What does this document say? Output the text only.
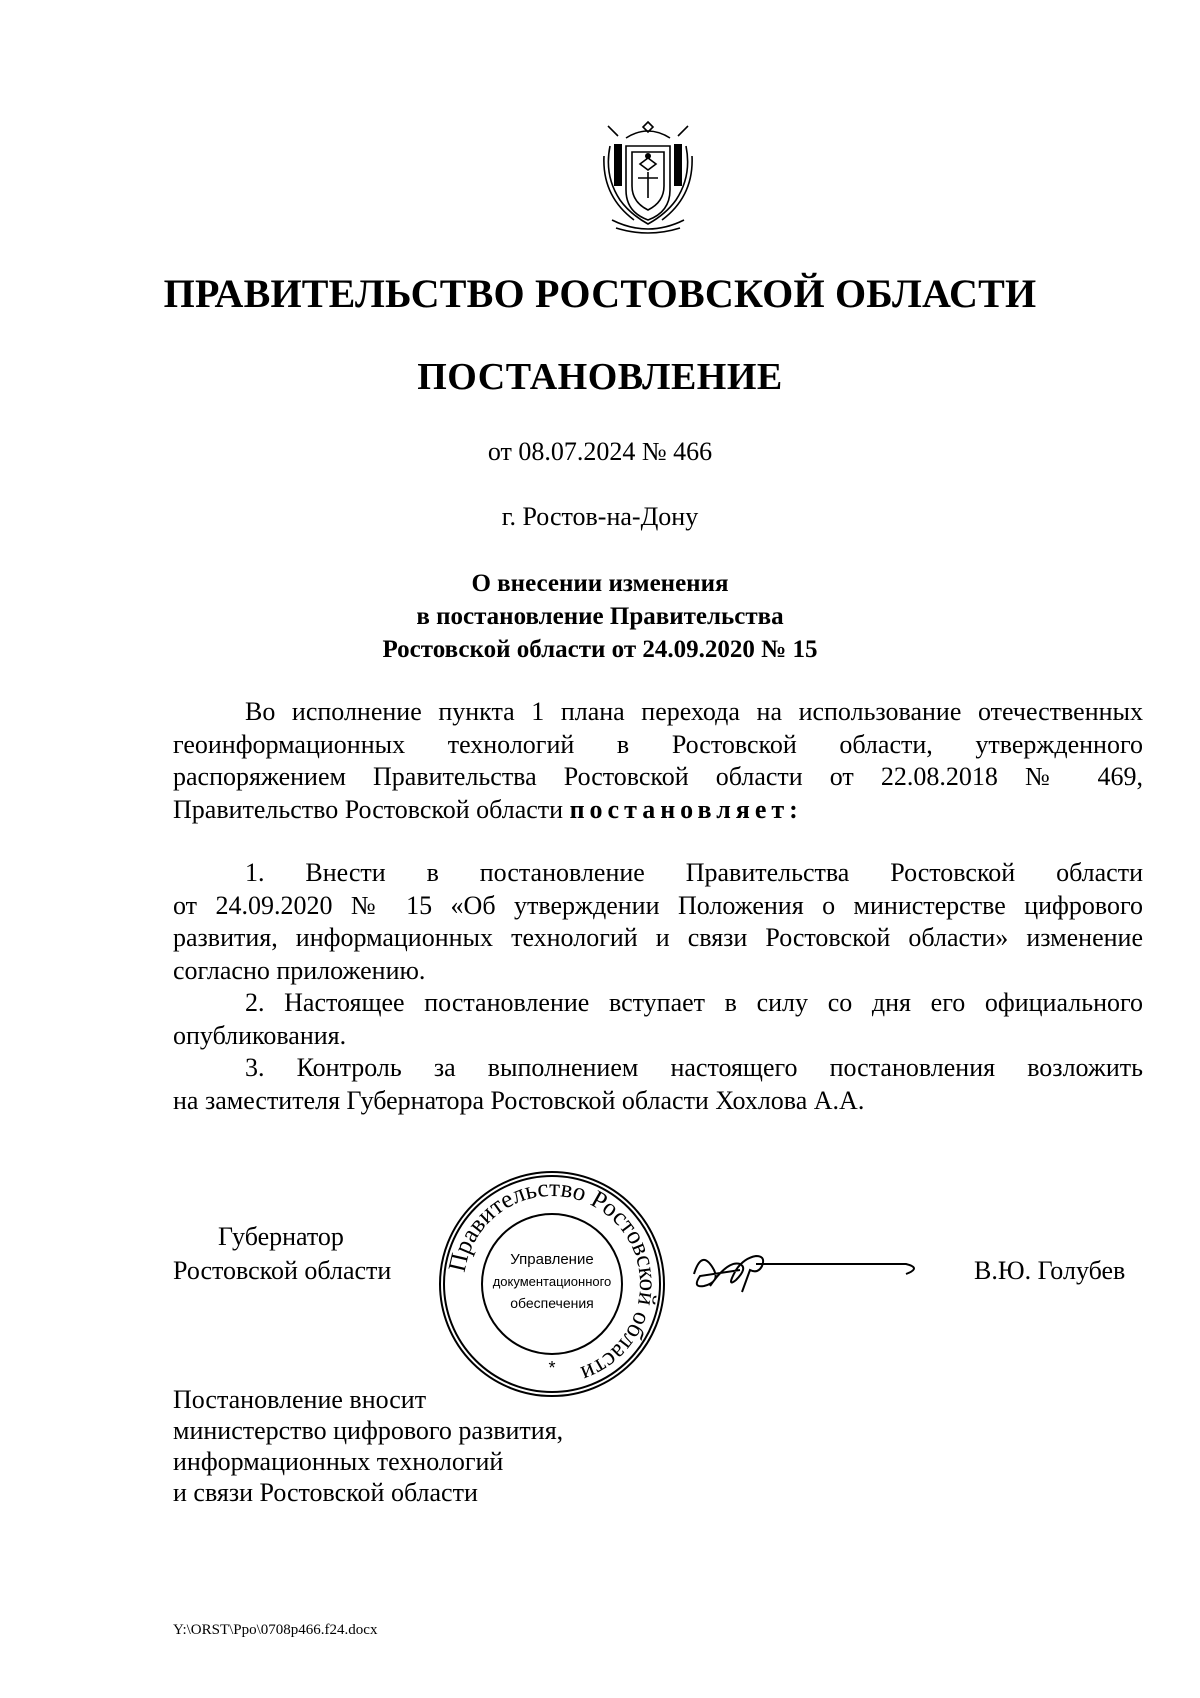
ПРАВИТЕЛЬСТВО РОСТОВСКОЙ ОБЛАСТИ
ПОСТАНОВЛЕНИЕ
от 08.07.2024 № 466
г. Ростов-на-Дону
О внесении изменения
в постановление Правительства
Ростовской области от 24.09.2020 № 15
Во исполнение пункта 1 плана перехода на использование отечественных
геоинформационных технологий в Ростовской области, утвержденного
распоряжением Правительства Ростовской области от 22.08.2018 № 469,
Правительство Ростовской области постановляет:
1. Внести в постановление Правительства Ростовской области
от 24.09.2020 № 15 «Об утверждении Положения о министерстве цифрового
развития, информационных технологий и связи Ростовской области» изменение
согласно приложению.
2. Настоящее постановление вступает в силу со дня его официального
опубликования.
3. Контроль за выполнением настоящего постановления возложить
на заместителя Губернатора Ростовской области Хохлова А.А.
Губернатор
Ростовской области Правительство Ростовской области
Управление
документационного
обеспечения
*
В.Ю. Голубев
Постановление вносит
министерство цифрового развития,
информационных технологий
и связи Ростовской области
Y:\ORST\Ppo\0708p466.f24.docx
